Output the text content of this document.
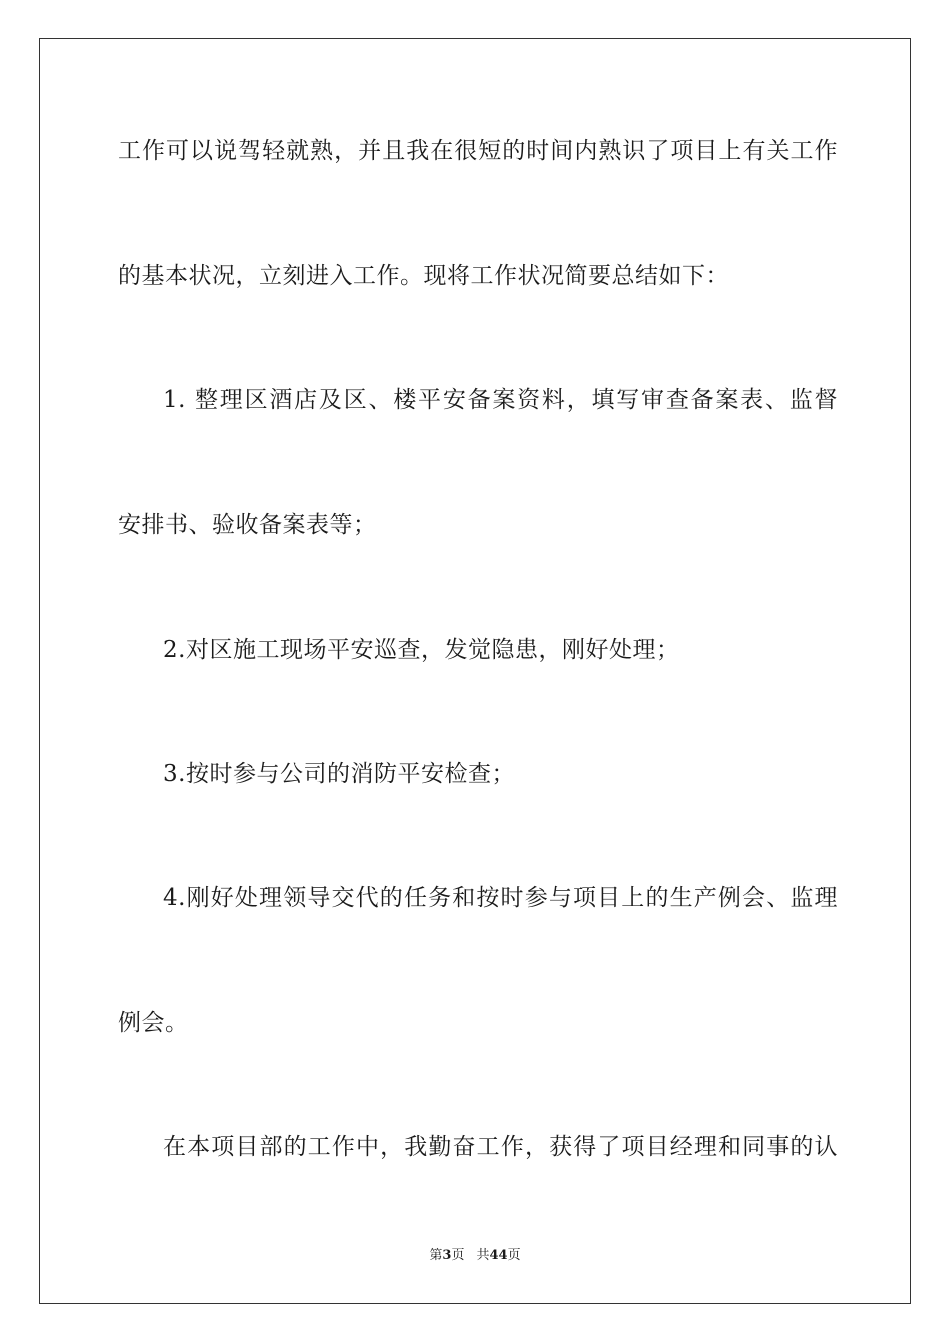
工作可以说驾轻就熟，并且我在很短的时间内熟识了项目上有关工作
的基本状况，立刻进入工作。现将工作状况简要总结如下：
1. 整理区酒店及区、楼平安备案资料，填写审查备案表、监督
安排书、验收备案表等；
2.对区施工现场平安巡查，发觉隐患，刚好处理；
3.按时参与公司的消防平安检查；
4.刚好处理领导交代的任务和按时参与项目上的生产例会、监理
例会。
在本项目部的工作中，我勤奋工作，获得了项目经理和同事的认
第3页 共44页
